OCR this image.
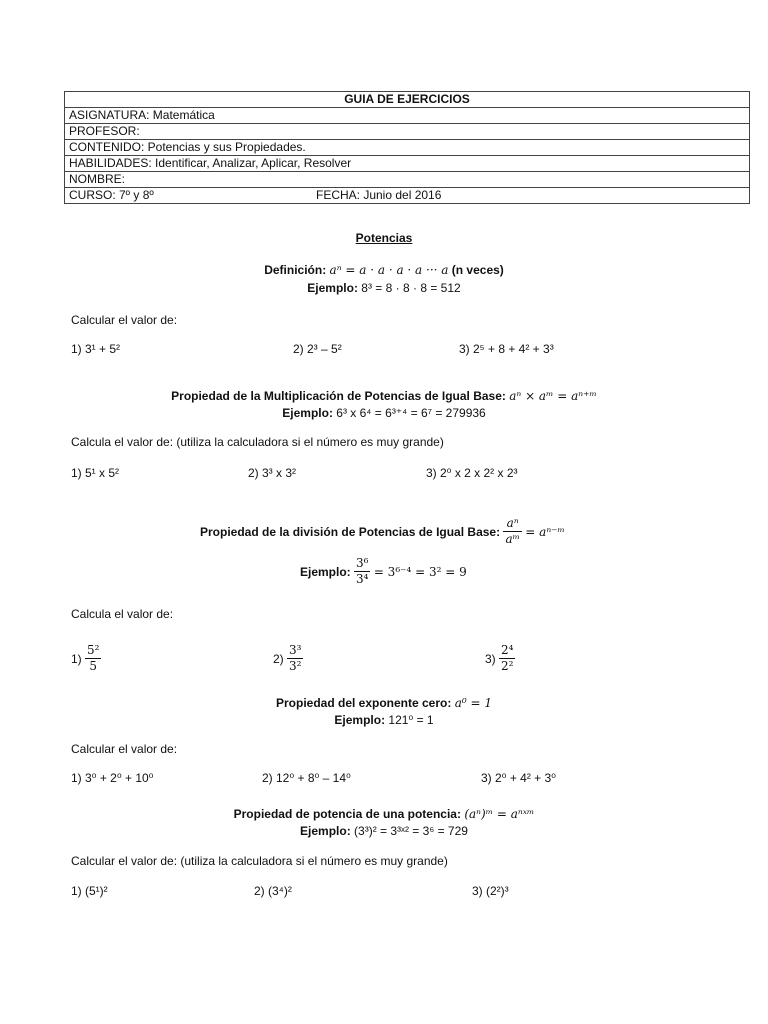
GUIA DE EJERCICIOS
ASIGNATURA: Matemática
PROFESOR:
CONTENIDO: Potencias y sus Propiedades.
HABILIDADES: Identificar, Analizar, Aplicar, Resolver
NOMBRE:
CURSO: 7º y 8º	FECHA: Junio del 2016
Potencias
Definición: aⁿ = a · a · a · a ··· a (n veces)
Ejemplo: 8³ = 8 · 8 · 8 = 512
Calcular el valor de:
1) 3¹ + 5²	2) 2³ – 5²	3) 2⁵ + 8 + 4² + 3³
Propiedad de la Multiplicación de Potencias de Igual Base: aⁿ × aᵐ = aⁿ⁺ᵐ
Ejemplo: 6³ x 6⁴ = 6³⁺⁴ = 6⁷ = 279936
Calcula el valor de: (utiliza la calculadora si el número es muy grande)
1) 5¹ x 5²	2) 3³ x 3²	3) 2⁰ x 2 x 2² x 2³
Propiedad de la división de Potencias de Igual Base: $\frac{\text{aⁿ}}{\text{aᵐ}}$ = aⁿ⁻ᵐ
Ejemplo: $\frac{\text{3⁶}}{\text{3⁴}} = 3^{6-4} = 3^2 = 9$
Calcula el valor de:
$1) \frac{\text{5²}}{5}$	$2) \frac{\text{3³}}{\text{3²}}$	$3) \frac{\text{2⁴}}{\text{2²}}$
Propiedad del exponente cero: a⁰ = 1
Ejemplo: 121⁰ = 1
Calcular el valor de:
1) 3⁰ + 2⁰ + 10⁰	2) 12⁰ + 8⁰ – 14⁰	3) 2⁰ + 4² + 3⁰
Propiedad de potencia de una potencia: (aⁿ)ᵐ = aⁿˣᵐ
Ejemplo: (3³)² = 3³ˣ² = 3⁶ = 729
Calcular el valor de: (utiliza la calculadora si el número es muy grande)
1) (5¹)²	2) (3⁴)²	3) (2²)³
